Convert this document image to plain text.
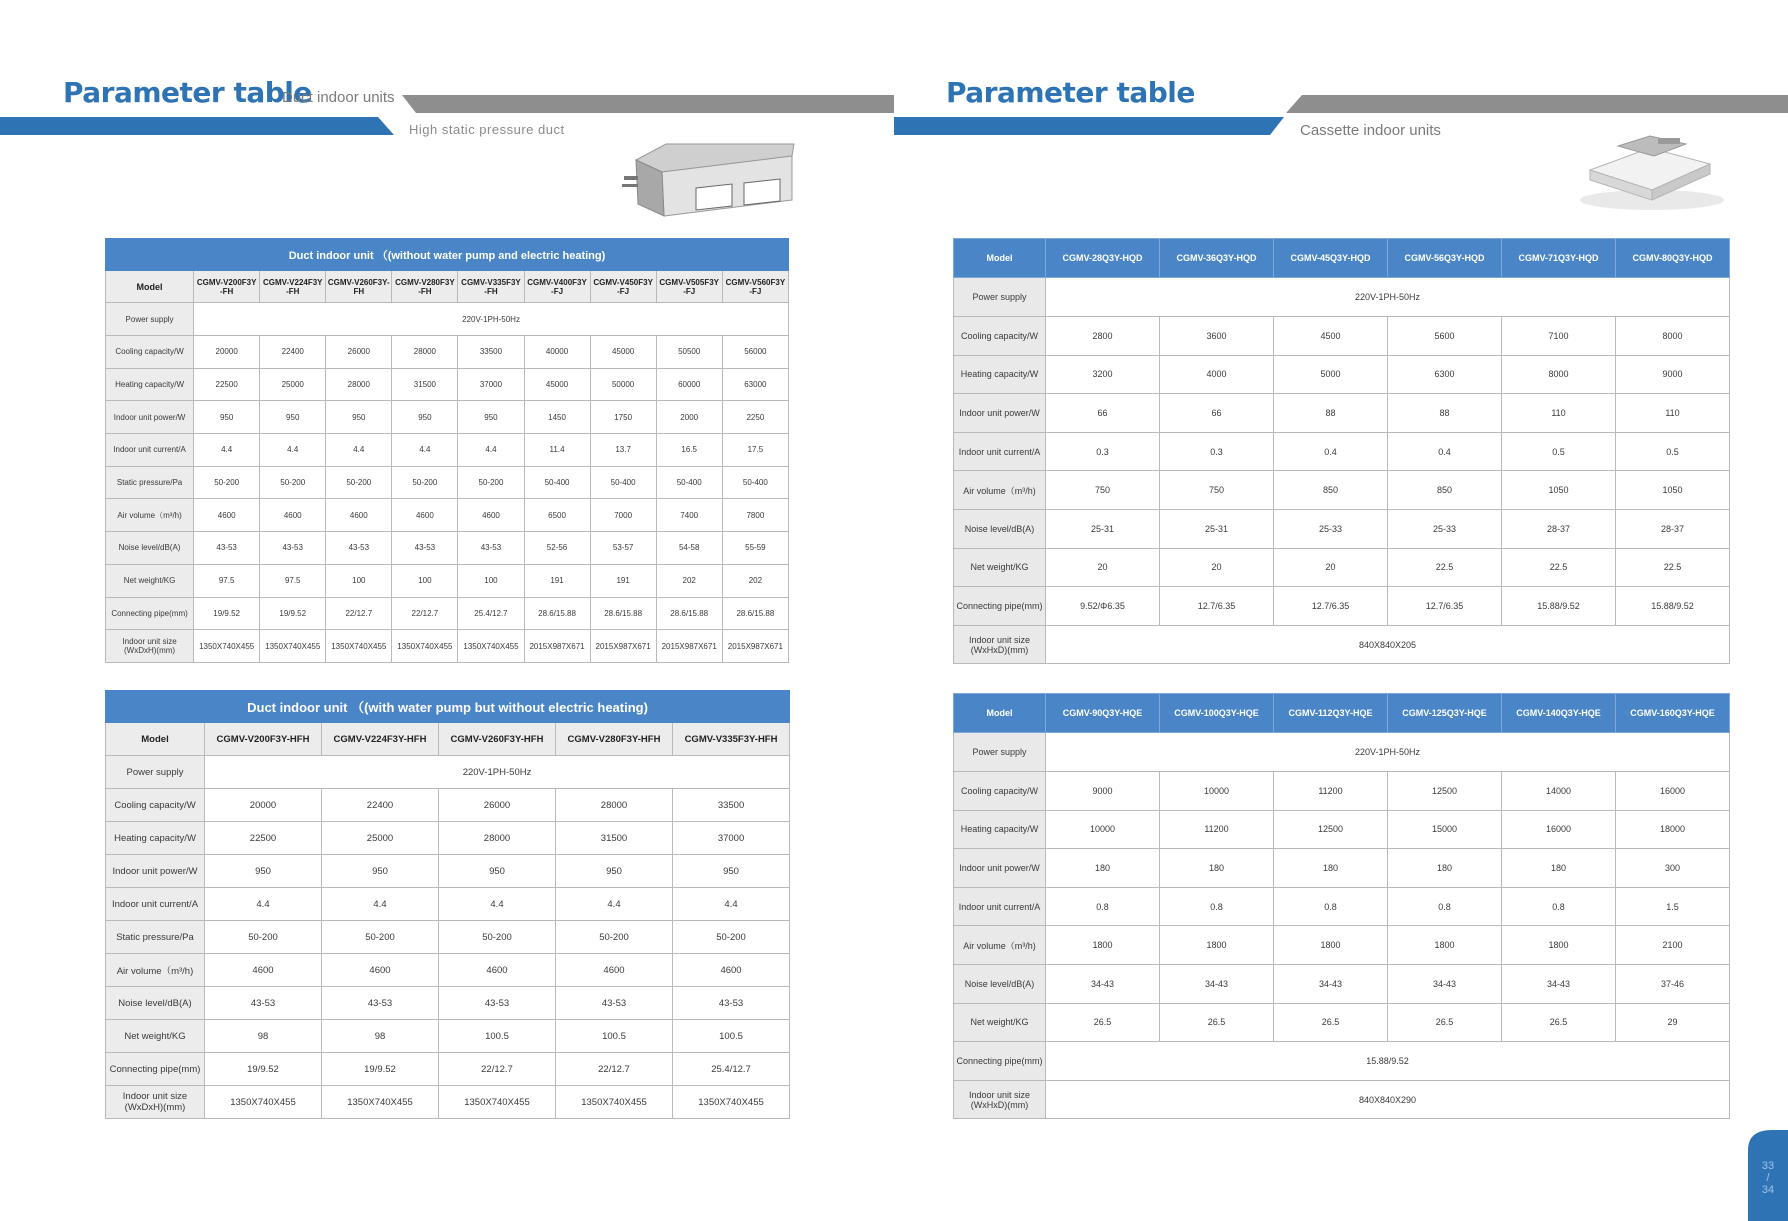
Parameter table
Duct indoor units
High static pressure duct
Parameter table
Cassette indoor units
Duct indoor unit （(without water pump and electric heating)									
Model	CGMV-V200F3Y -FH	CGMV-V224F3Y -FH	CGMV-V260F3Y- FH	CGMV-V280F3Y -FH	CGMV-V335F3Y -FH	CGMV-V400F3Y -FJ	CGMV-V450F3Y -FJ	CGMV-V505F3Y -FJ	CGMV-V560F3Y -FJ
Power supply	220V-1PH-50Hz								
Cooling capacity/W	20000	22400	26000	28000	33500	40000	45000	50500	56000
Heating capacity/W	22500	25000	28000	31500	37000	45000	50000	60000	63000
Indoor unit power/W	950	950	950	950	950	1450	1750	2000	2250
Indoor unit current/A	4.4	4.4	4.4	4.4	4.4	11.4	13.7	16.5	17.5
Static pressure/Pa	50-200	50-200	50-200	50-200	50-200	50-400	50-400	50-400	50-400
Air volume（m³/h)	4600	4600	4600	4600	4600	6500	7000	7400	7800
Noise level/dB(A)	43-53	43-53	43-53	43-53	43-53	52-56	53-57	54-58	55-59
Net weight/KG	97.5	97.5	100	100	100	191	191	202	202
Connecting pipe(mm)	19/9.52	19/9.52	22/12.7	22/12.7	25.4/12.7	28.6/15.88	28.6/15.88	28.6/15.88	28.6/15.88
Indoor unit size (WxDxH)(mm)	1350X740X455	1350X740X455	1350X740X455	1350X740X455	1350X740X455	2015X987X671	2015X987X671	2015X987X671	2015X987X671
Duct indoor unit （(with water pump but without electric heating)					
Model	CGMV-V200F3Y-HFH	CGMV-V224F3Y-HFH	CGMV-V260F3Y-HFH	CGMV-V280F3Y-HFH	CGMV-V335F3Y-HFH
Power supply	220V-1PH-50Hz				
Cooling capacity/W	20000	22400	26000	28000	33500
Heating capacity/W	22500	25000	28000	31500	37000
Indoor unit power/W	950	950	950	950	950
Indoor unit current/A	4.4	4.4	4.4	4.4	4.4
Static pressure/Pa	50-200	50-200	50-200	50-200	50-200
Air volume（m³/h)	4600	4600	4600	4600	4600
Noise level/dB(A)	43-53	43-53	43-53	43-53	43-53
Net weight/KG	98	98	100.5	100.5	100.5
Connecting pipe(mm)	19/9.52	19/9.52	22/12.7	22/12.7	25.4/12.7
Indoor unit size (WxDxH)(mm)	1350X740X455	1350X740X455	1350X740X455	1350X740X455	1350X740X455
Model	CGMV-28Q3Y-HQD	CGMV-36Q3Y-HQD	CGMV-45Q3Y-HQD	CGMV-56Q3Y-HQD	CGMV-71Q3Y-HQD	CGMV-80Q3Y-HQD
Power supply	220V-1PH-50Hz					
Cooling capacity/W	2800	3600	4500	5600	7100	8000
Heating capacity/W	3200	4000	5000	6300	8000	9000
Indoor unit power/W	66	66	88	88	110	110
Indoor unit current/A	0.3	0.3	0.4	0.4	0.5	0.5
Air volume（m³/h)	750	750	850	850	1050	1050
Noise level/dB(A)	25-31	25-31	25-33	25-33	28-37	28-37
Net weight/KG	20	20	20	22.5	22.5	22.5
Connecting pipe(mm)	9.52/Φ6.35	12.7/6.35	12.7/6.35	12.7/6.35	15.88/9.52	15.88/9.52
Indoor unit size (WxHxD)(mm)	840X840X205					
Model	CGMV-90Q3Y-HQE	CGMV-100Q3Y-HQE	CGMV-112Q3Y-HQE	CGMV-125Q3Y-HQE	CGMV-140Q3Y-HQE	CGMV-160Q3Y-HQE
Power supply	220V-1PH-50Hz					
Cooling capacity/W	9000	10000	11200	12500	14000	16000
Heating capacity/W	10000	11200	12500	15000	16000	18000
Indoor unit power/W	180	180	180	180	180	300
Indoor unit current/A	0.8	0.8	0.8	0.8	0.8	1.5
Air volume（m³/h)	1800	1800	1800	1800	1800	2100
Noise level/dB(A)	34-43	34-43	34-43	34-43	34-43	37-46
Net weight/KG	26.5	26.5	26.5	26.5	26.5	29
Connecting pipe(mm)	15.88/9.52					
Indoor unit size (WxHxD)(mm)	840X840X290					
33
/
34
